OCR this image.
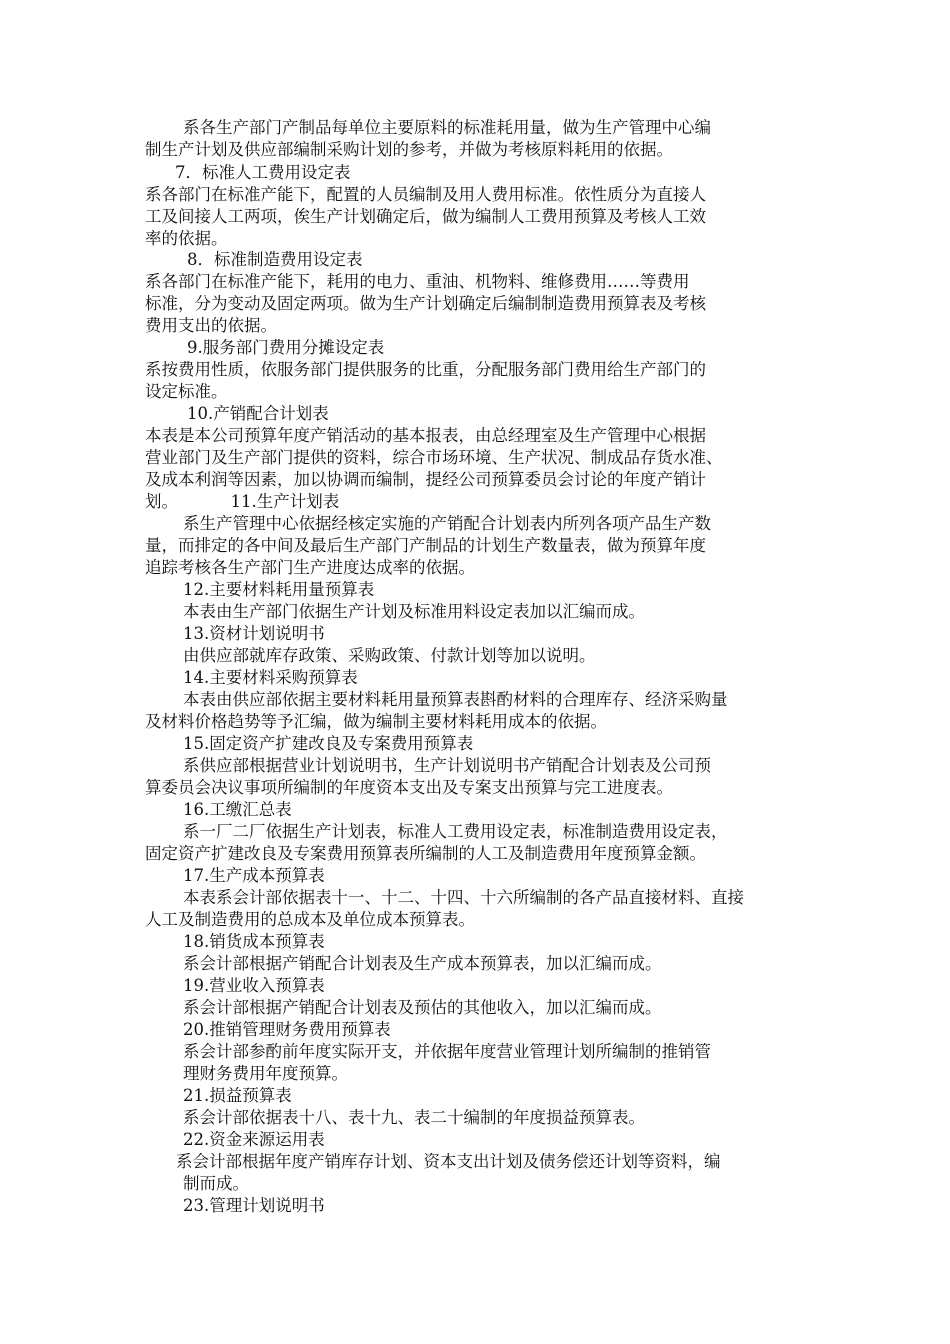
系各生产部门产制品每单位主要原料的标准耗用量，做为生产管理中心编

制生产计划及供应部编制采购计划的参考，并做为考核原料耗用的依据。

7．标准人工费用设定表

系各部门在标准产能下，配置的人员编制及用人费用标准。依性质分为直接人

工及间接人工两项，俟生产计划确定后，做为编制人工费用预算及考核人工效

率的依据。

8．标准制造费用设定表

系各部门在标准产能下，耗用的电力、重油、机物料、维修费用……等费用

标准，分为变动及固定两项。做为生产计划确定后编制制造费用预算表及考核

费用支出的依据。

9.服务部门费用分摊设定表

系按费用性质，依服务部门提供服务的比重，分配服务部门费用给生产部门的

设定标准。

10.产销配合计划表

本表是本公司预算年度产销活动的基本报表，由总经理室及生产管理中心根据

营业部门及生产部门提供的资料，综合市场环境、生产状况、制成品存货水准、

及成本利润等因素，加以协调而编制，提经公司预算委员会讨论的年度产销计

划。          11.生产计划表

系生产管理中心依据经核定实施的产销配合计划表内所列各项产品生产数

量，而排定的各中间及最后生产部门产制品的计划生产数量表，做为预算年度

追踪考核各生产部门生产进度达成率的依据。

12.主要材料耗用量预算表

本表由生产部门依据生产计划及标准用料设定表加以汇编而成。

13.资材计划说明书

由供应部就库存政策、采购政策、付款计划等加以说明。

14.主要材料采购预算表

本表由供应部依据主要材料耗用量预算表斟酌材料的合理库存、经济采购量

及材料价格趋势等予汇编，做为编制主要材料耗用成本的依据。

15.固定资产扩建改良及专案费用预算表

系供应部根据营业计划说明书，生产计划说明书产销配合计划表及公司预

算委员会决议事项所编制的年度资本支出及专案支出预算与完工进度表。

16.工缴汇总表

系一厂二厂依据生产计划表，标准人工费用设定表，标准制造费用设定表，

固定资产扩建改良及专案费用预算表所编制的人工及制造费用年度预算金额。

17.生产成本预算表

本表系会计部依据表十一、十二、十四、十六所编制的各产品直接材料、直接

人工及制造费用的总成本及单位成本预算表。

18.销货成本预算表

系会计部根据产销配合计划表及生产成本预算表，加以汇编而成。

19.营业收入预算表

系会计部根据产销配合计划表及预估的其他收入，加以汇编而成。

20.推销管理财务费用预算表

系会计部参酌前年度实际开支，并依据年度营业管理计划所编制的推销管

理财务费用年度预算。

21.损益预算表

系会计部依据表十八、表十九、表二十编制的年度损益预算表。

22.资金来源运用表

系会计部根据年度产销库存计划、资本支出计划及债务偿还计划等资料，编

制而成。

23.管理计划说明书
